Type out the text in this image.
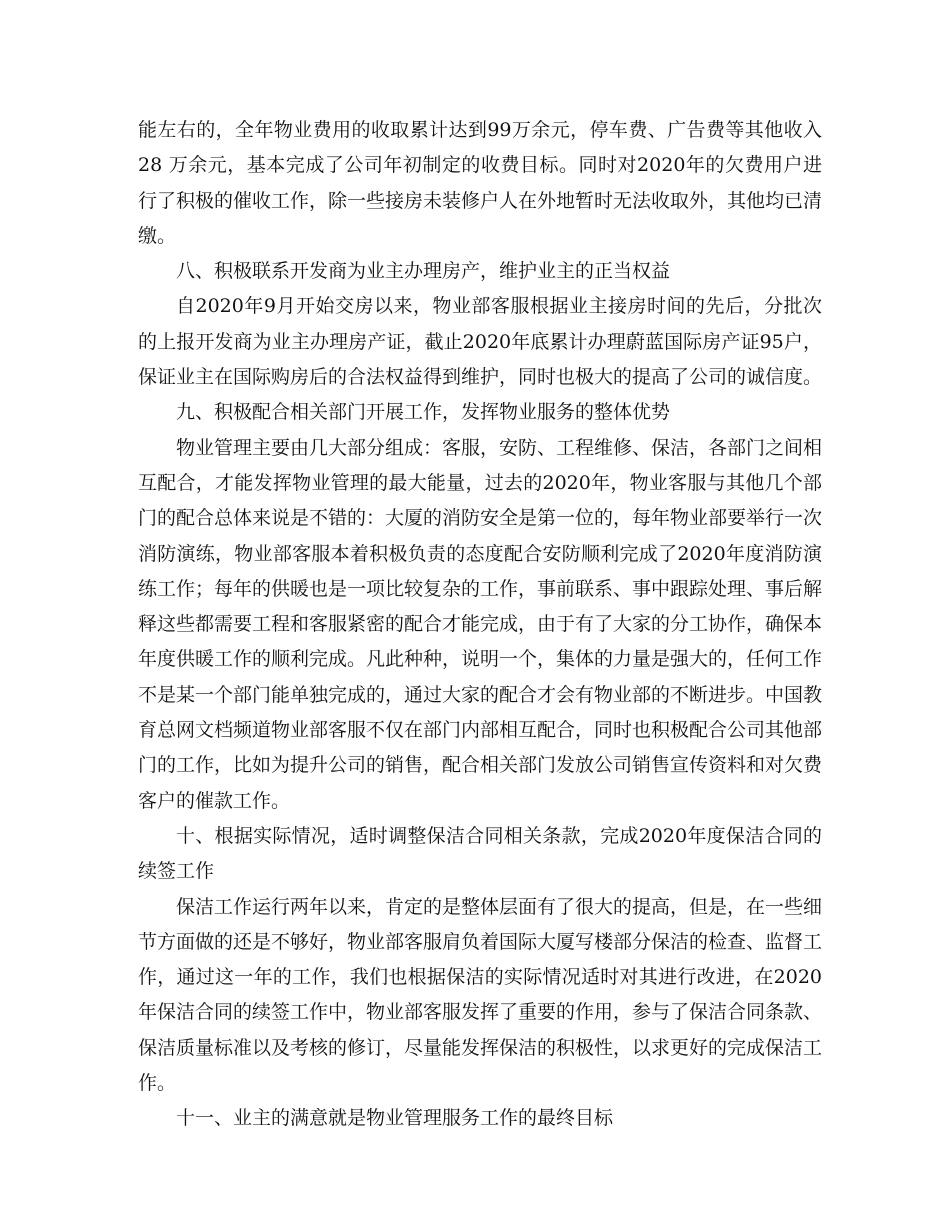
能左右的，全年物业费用的收取累计达到99万余元，停车费、广告费等其他收入28 万余元，基本完成了公司年初制定的收费目标。同时对2020年的欠费用户进行了积极的催收工作，除一些接房未装修户人在外地暂时无法收取外，其他均已清缴。

八、积极联系开发商为业主办理房产，维护业主的正当权益

自2020年9月开始交房以来，物业部客服根据业主接房时间的先后，分批次的上报开发商为业主办理房产证，截止2020年底累计办理蔚蓝国际房产证95户，保证业主在国际购房后的合法权益得到维护，同时也极大的提高了公司的诚信度。

九、积极配合相关部门开展工作，发挥物业服务的整体优势

物业管理主要由几大部分组成：客服，安防、工程维修、保洁，各部门之间相互配合，才能发挥物业管理的最大能量，过去的2020年，物业客服与其他几个部门的配合总体来说是不错的：大厦的消防安全是第一位的，每年物业部要举行一次消防演练，物业部客服本着积极负责的态度配合安防顺利完成了2020年度消防演练工作；每年的供暖也是一项比较复杂的工作，事前联系、事中跟踪处理、事后解释这些都需要工程和客服紧密的配合才能完成，由于有了大家的分工协作，确保本年度供暖工作的顺利完成。凡此种种，说明一个，集体的力量是强大的，任何工作不是某一个部门能单独完成的，通过大家的配合才会有物业部的不断进步。中国教育总网文档频道物业部客服不仅在部门内部相互配合，同时也积极配合公司其他部门的工作，比如为提升公司的销售，配合相关部门发放公司销售宣传资料和对欠费客户的催款工作。

十、根据实际情况，适时调整保洁合同相关条款，完成2020年度保洁合同的续签工作

保洁工作运行两年以来，肯定的是整体层面有了很大的提高，但是，在一些细节方面做的还是不够好，物业部客服肩负着国际大厦写楼部分保洁的检查、监督工作，通过这一年的工作，我们也根据保洁的实际情况适时对其进行改进，在2020年保洁合同的续签工作中，物业部客服发挥了重要的作用，参与了保洁合同条款、保洁质量标准以及考核的修订，尽量能发挥保洁的积极性，以求更好的完成保洁工作。

十一、业主的满意就是物业管理服务工作的最终目标
